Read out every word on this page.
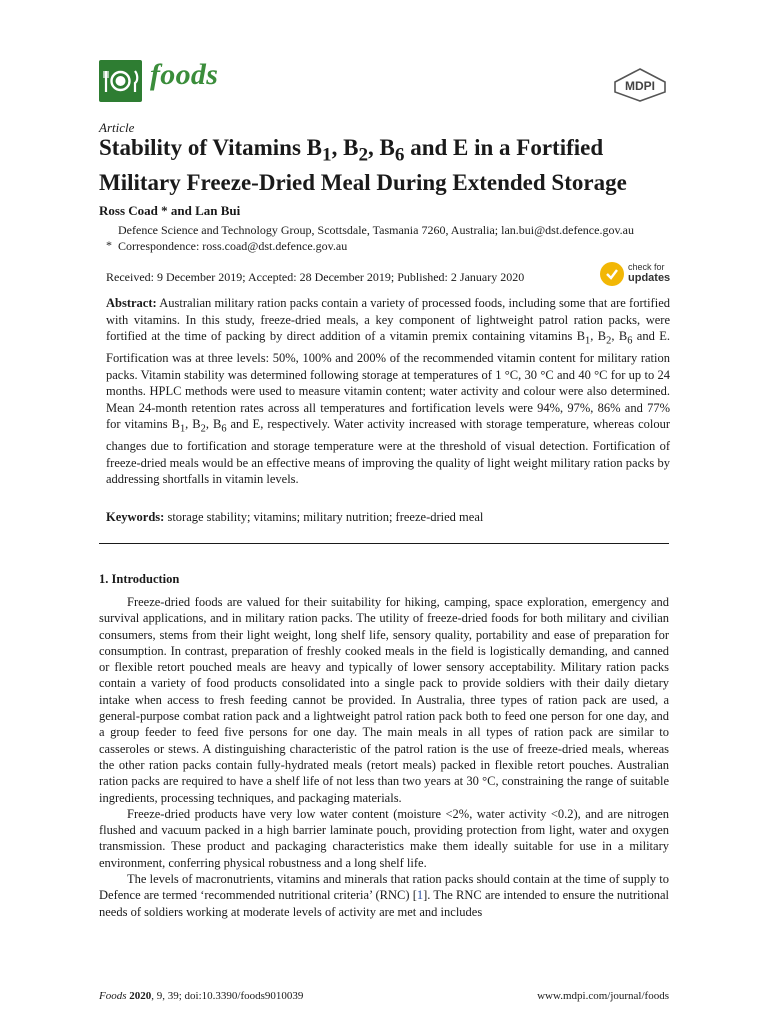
foods	MDPI
Article
Stability of Vitamins $B_1$, $B_2$, $B_6$ and E in a Fortified
Military Freeze-Dried Meal During Extended Storage
Ross Coad * and Lan Bui
Defence Science and Technology Group, Scottsdale, Tasmania 7260, Australia; lan.bui@dst.defence.gov.au
Correspondence: ross.coad@dst.defence.gov.au
*
Received: 9 December 2019; Accepted: 28 December 2019; Published: 2 January 2020
check for
updates

Abstract: Australian military ration packs contain a variety of processed foods, including some that are fortified with vitamins. In this study, freeze-dried meals, a key component of lightweight patrol ration packs, were fortified at the time of packing by direct addition of a vitamin premix containing vitamins $B_1$, $B_2$, $B_6$ and E. Fortification was at three levels: 50%, 100% and 200% of the recommended vitamin content for military ration packs. Vitamin stability was determined following storage at temperatures of 1 °C, 30 °C and 40 °C for up to 24 months. HPLC methods were used to measure vitamin content; water activity and colour were also determined. Mean 24-month retention rates across all temperatures and fortification levels were 94%, 97%, 86% and 77% for vitamins $B_1$, $B_2$, $B_6$ and E, respectively. Water activity increased with storage temperature, whereas colour changes due to fortification and storage temperature were at the threshold of visual detection. Fortification of freeze-dried meals would be an effective means of improving the quality of light weight military ration packs by addressing shortfalls in vitamin levels.

Keywords: storage stability; vitamins; military nutrition; freeze-dried meal
1. Introduction

Freeze-dried foods are valued for their suitability for hiking, camping, space exploration, emergency and survival applications, and in military ration packs. The utility of freeze-dried foods for both military and civilian consumers, stems from their light weight, long shelf life, sensory quality, portability and ease of preparation for consumption. In contrast, preparation of freshly cooked meals in the field is logistically demanding, and canned or flexible retort pouched meals are heavy and typically of lower sensory acceptability. Military ration packs contain a variety of food products consolidated into a single pack to provide soldiers with their daily dietary intake when access to fresh feeding cannot be provided. In Australia, three types of ration pack are used, a general-purpose combat ration pack and a lightweight patrol ration pack both to feed one person for one day, and a group feeder to feed five persons for one day. The main meals in all types of ration pack are similar to casseroles or stews. A distinguishing characteristic of the patrol ration is the use of freeze-dried meals, whereas the other ration packs contain fully-hydrated meals (retort meals) packed in flexible retort pouches. Australian ration packs are required to have a shelf life of not less than two years at 30 °C, constraining the range of suitable ingredients, processing techniques, and packaging materials.

Freeze-dried products have very low water content (moisture <2%, water activity <0.2), and are nitrogen flushed and vacuum packed in a high barrier laminate pouch, providing protection from light, water and oxygen transmission. These product and packaging characteristics make them ideally suitable for use in a military environment, conferring physical robustness and a long shelf life.

The levels of macronutrients, vitamins and minerals that ration packs should contain at the time of supply to Defence are termed ‘recommended nutritional criteria’ (RNC) [1]. The RNC are intended to ensure the nutritional needs of soldiers working at moderate levels of activity are met and includes

Foods 2020, 9, 39; doi:10.3390/foods9010039	www.mdpi.com/journal/foods
